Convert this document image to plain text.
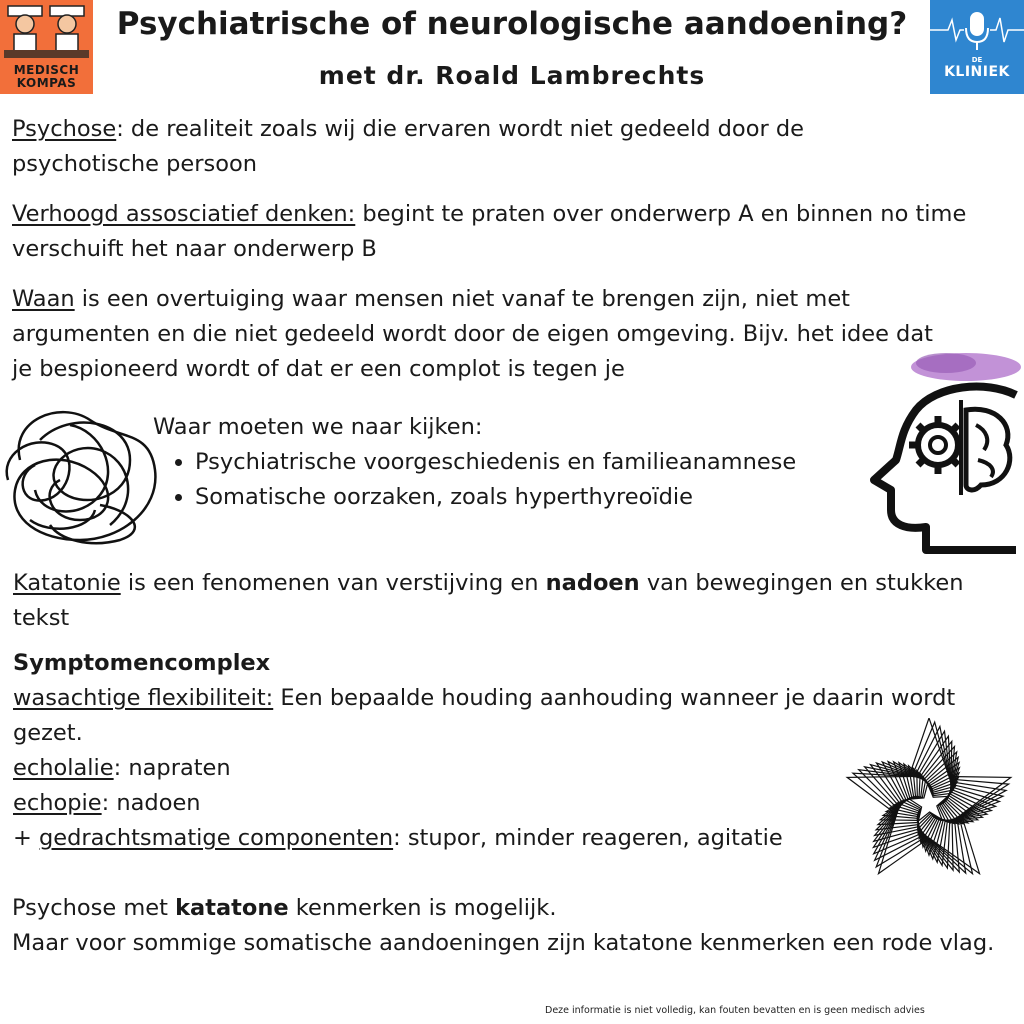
MEDISCH
KOMPAS
Psychiatrische of neurologische aandoening?
met dr. Roald Lambrechts
DE
KLINIEK
Psychose: de realiteit zoals wij die ervaren wordt niet gedeeld door de psychotische persoon
Verhoogd assosciatief denken: begint te praten over onderwerp A en binnen no time verschuift het naar onderwerp B
Waan is een overtuiging waar mensen niet vanaf te brengen zijn, niet met argumenten en die niet gedeeld wordt door de eigen omgeving. Bijv. het idee dat je bespioneerd wordt of dat er een complot is tegen je
Waar moeten we naar kijken:
• Psychiatrische voorgeschiedenis en familieanamnese
• Somatische oorzaken, zoals hyperthyreoïdie
Katatonie is een fenomenen van verstijving en nadoen van bewegingen en stukken tekst
Symptomencomplex
wasachtige flexibiliteit: Een bepaalde houding aanhouding wanneer je daarin wordt gezet.
echolalie: napraten
echopie: nadoen
+ gedrachtsmatige componenten: stupor, minder reageren, agitatie
Psychose met katatone kenmerken is mogelijk.
Maar voor sommige somatische aandoeningen zijn katatone kenmerken een rode vlag.
Deze informatie is niet volledig, kan fouten bevatten en is geen medisch advies
